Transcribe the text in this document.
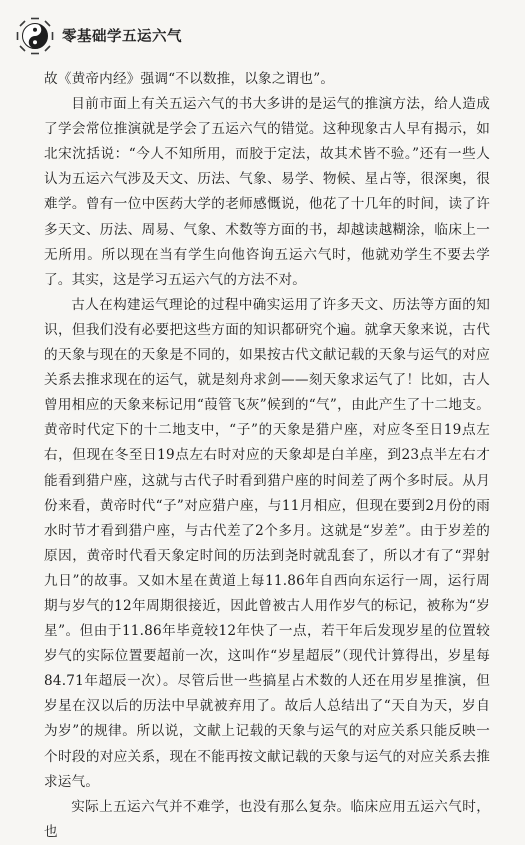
零基础学五运六气

故《黄帝内经》强调“不以数推，以象之谓也”。

目前市面上有关五运六气的书大多讲的是运气的推演方法，给人造成了学会常位推演就是学会了五运六气的错觉。这种现象古人早有揭示，如北宋沈括说：“今人不知所用，而胶于定法，故其术皆不验。”还有一些人认为五运六气涉及天文、历法、气象、易学、物候、星占等，很深奥，很难学。曾有一位中医药大学的老师感慨说，他花了十几年的时间，读了许多天文、历法、周易、气象、术数等方面的书，却越读越糊涂，临床上一无所用。所以现在当有学生向他咨询五运六气时，他就劝学生不要去学了。其实，这是学习五运六气的方法不对。

古人在构建运气理论的过程中确实运用了许多天文、历法等方面的知识，但我们没有必要把这些方面的知识都研究个遍。就拿天象来说，古代的天象与现在的天象是不同的，如果按古代文献记载的天象与运气的对应关系去推求现在的运气，就是刻舟求剑——刻天象求运气了！比如，古人曾用相应的天象来标记用“葭管飞灰”候到的“气”，由此产生了十二地支。黄帝时代定下的十二地支中，“子”的天象是猎户座，对应冬至日19点左右，但现在冬至日19点左右时对应的天象却是白羊座，到23点半左右才能看到猎户座，这就与古代子时看到猎户座的时间差了两个多时辰。从月份来看，黄帝时代“子”对应猎户座，与11月相应，但现在要到2月份的雨水时节才看到猎户座，与古代差了2个多月。这就是“岁差”。由于岁差的原因，黄帝时代看天象定时间的历法到尧时就乱套了，所以才有了“羿射九日”的故事。又如木星在黄道上每11.86年自西向东运行一周，运行周期与岁气的12年周期很接近，因此曾被古人用作岁气的标记，被称为“岁星”。但由于11.86年毕竟较12年快了一点，若干年后发现岁星的位置较岁气的实际位置要超前一次，这叫作“岁星超辰”（现代计算得出，岁星每84.71年超辰一次）。尽管后世一些搞星占术数的人还在用岁星推演，但岁星在汉以后的历法中早就被弃用了。故后人总结出了“天自为天，岁自为岁”的规律。所以说，文献上记载的天象与运气的对应关系只能反映一个时段的对应关系，现在不能再按文献记载的天象与运气的对应关系去推求运气。

实际上五运六气并不难学，也没有那么复杂。临床应用五运六气时，也
